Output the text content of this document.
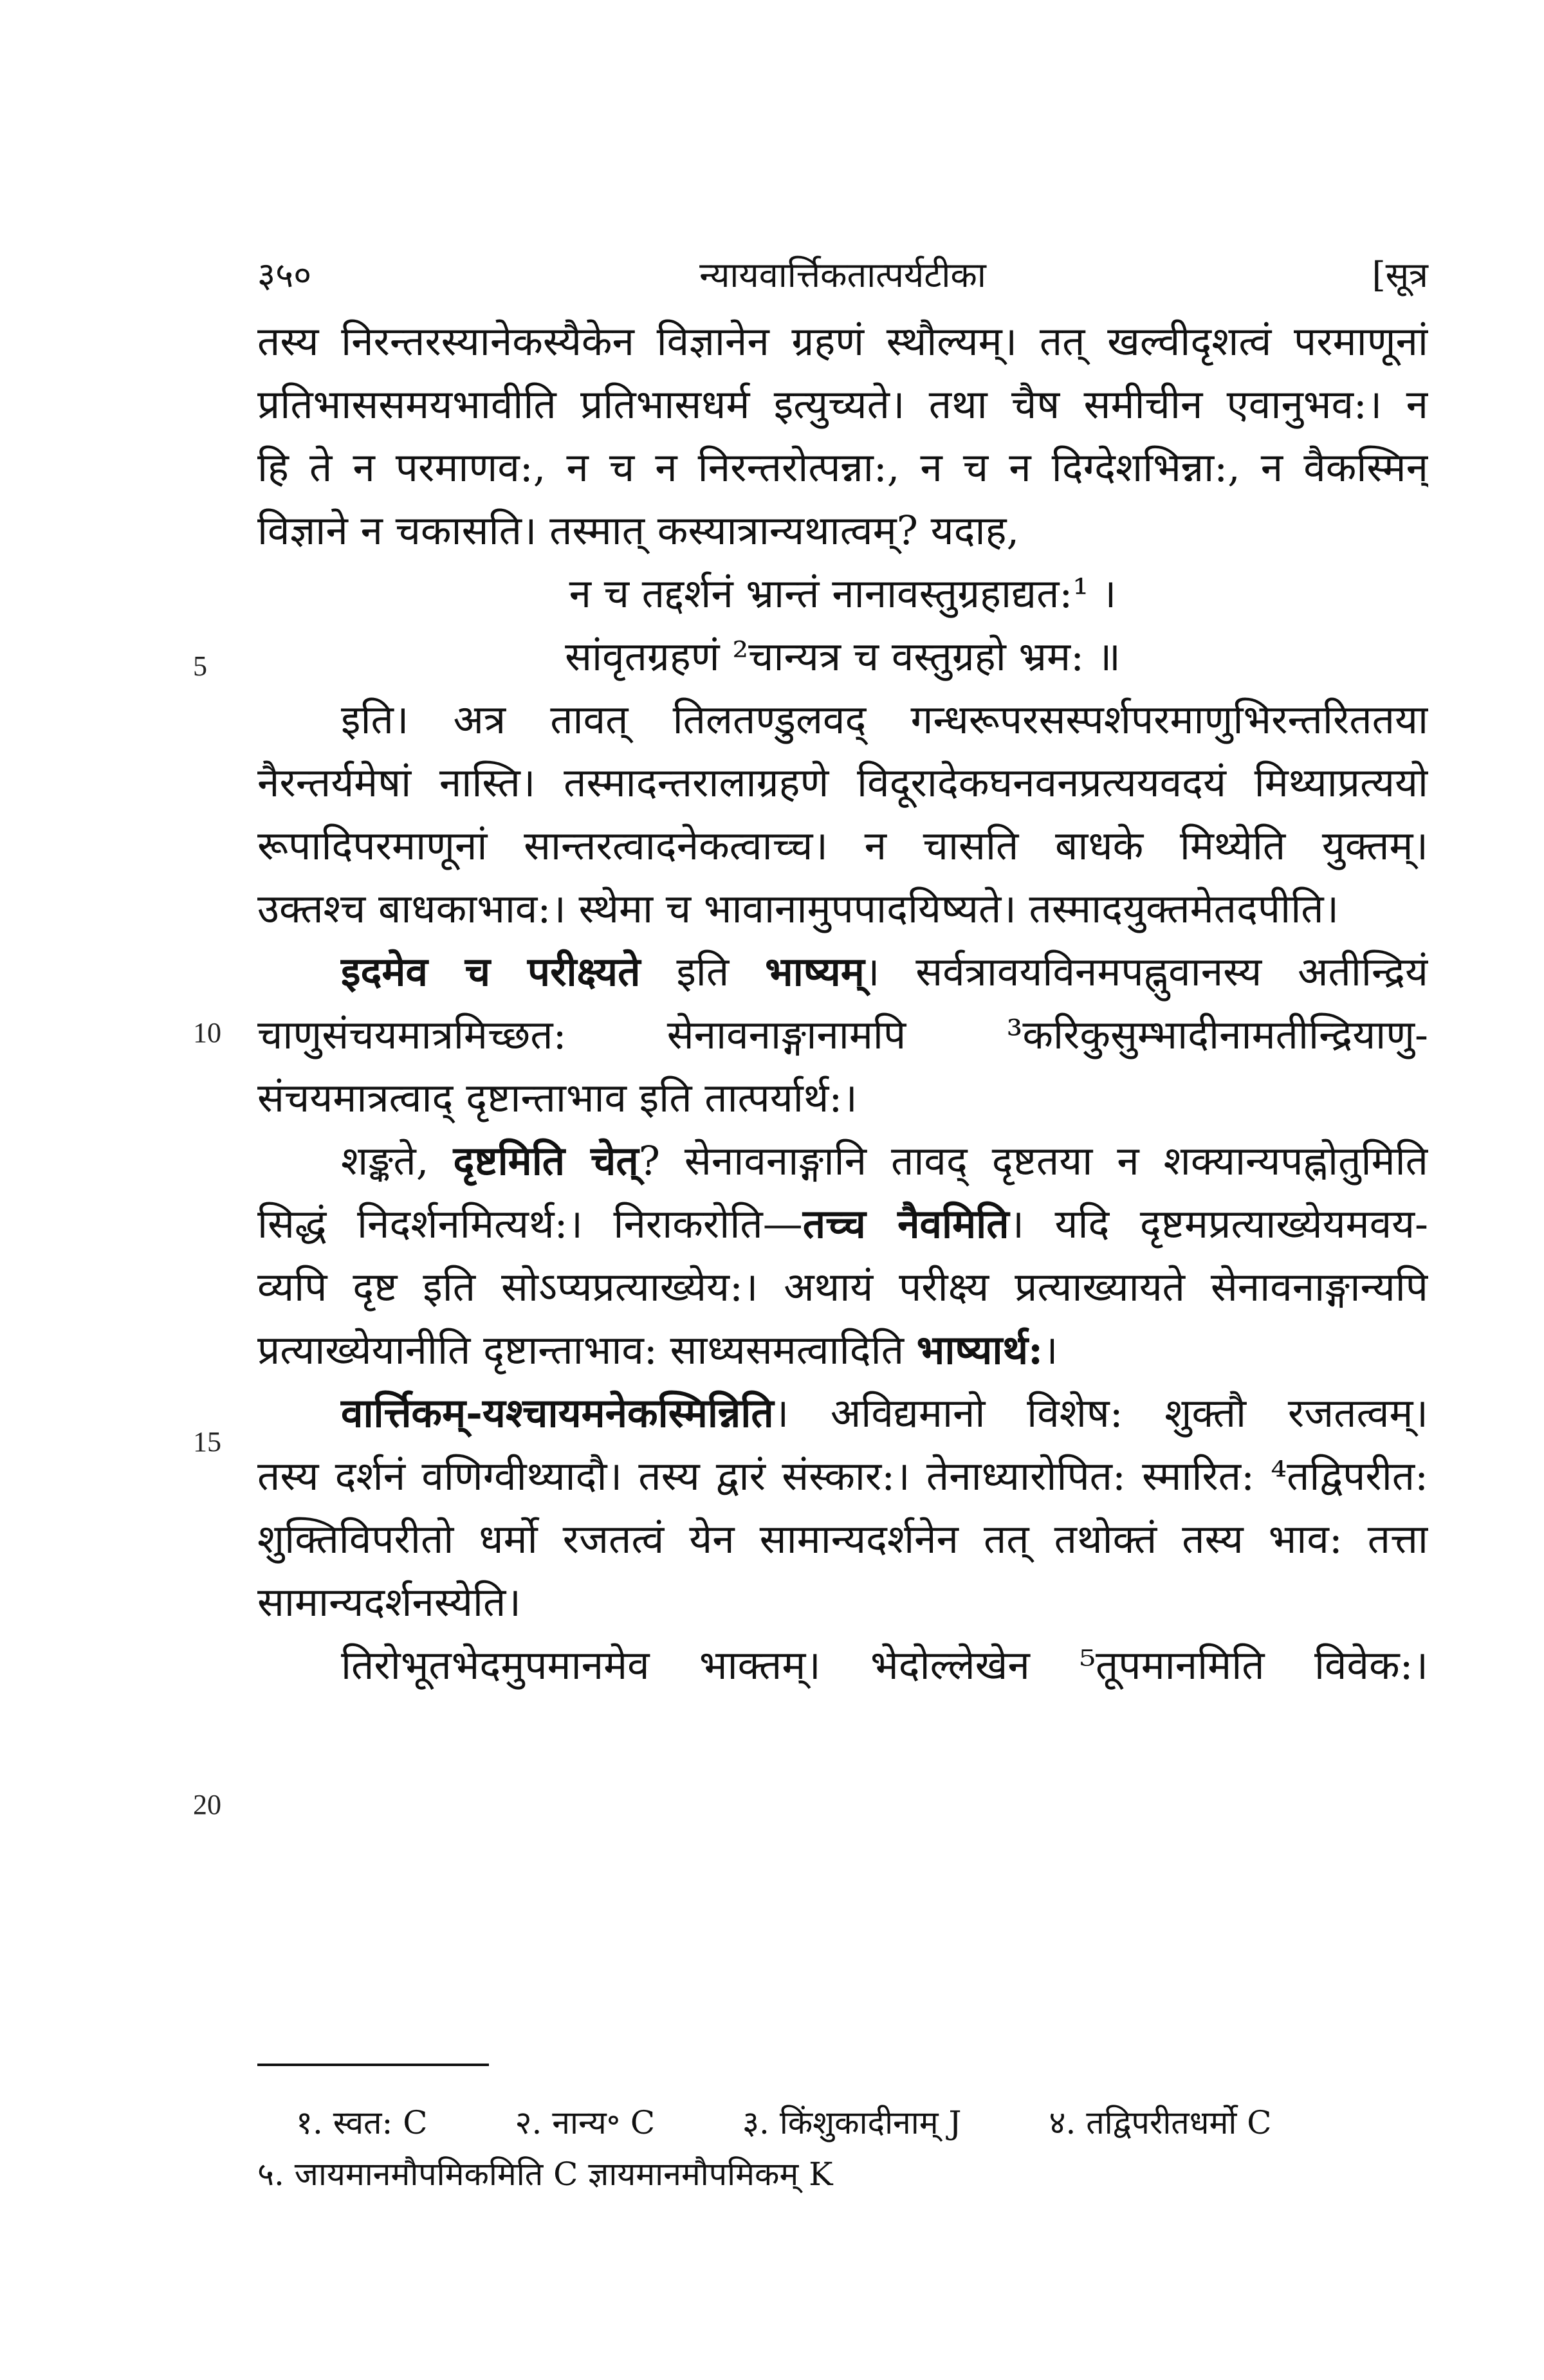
३५०	न्यायवार्त्तिकतात्पर्यटीका	[सूत्र
5
10
15
20
तस्य निरन्तरस्यानेकस्यैकेन विज्ञानेन ग्रहणं स्थौल्यम्। तत् खल्वीदृशत्वं परमाणूनां
प्रतिभाससमयभावीति प्रतिभासधर्म इत्युच्यते। तथा चैष समीचीन एवानुभव:। न
हि ते न परमाणव:, न च न निरन्तरोत्पन्ना:, न च न दिग्देशभिन्ना:, न वैकस्मिन्
विज्ञाने न चकासति। तस्मात् कस्यात्रान्यथात्वम्? यदाह,
न च तद्दर्शनं भ्रान्तं नानावस्तुग्रहाद्यत:¹ ।
सांवृतग्रहणं ²चान्यत्र च वस्तुग्रहो भ्रम: ॥
इति। अत्र तावत् तिलतण्डुलवद् गन्धरूपरसस्पर्शपरमाणुभिरन्तरिततया
नैरन्तर्यमेषां नास्ति। तस्मादन्तरालाग्रहणे विदूरादेकघनवनप्रत्ययवदयं मिथ्याप्रत्ययो
रूपादिपरमाणूनां सान्तरत्वादनेकत्वाच्च। न चासति बाधके मिथ्येति युक्तम्।
उक्तश्च बाधकाभाव:। स्थेमा च भावानामुपपादयिष्यते। तस्मादयुक्तमेतदपीति।
इदमेव च परीक्ष्यते इति भाष्यम्। सर्वत्रावयविनमपह्नुवानस्य अतीन्द्रियं
चाणुसंचयमात्रमिच्छत: सेनावनाङ्गानामपि ³करिकुसुम्भादीनामतीन्द्रियाणु-
संचयमात्रत्वाद् दृष्टान्ताभाव इति तात्पर्यार्थ:।
शङ्कते, दृष्टमिति चेत्? सेनावनाङ्गानि तावद् दृष्टतया न शक्यान्यपह्नोतुमिति
सिद्धं निदर्शनमित्यर्थ:। निराकरोति—तच्च नैवमिति। यदि दृष्टमप्रत्याख्येयमवय-
व्यपि दृष्ट इति सोऽप्यप्रत्याख्येय:। अथायं परीक्ष्य प्रत्याख्यायते सेनावनाङ्गान्यपि
प्रत्याख्येयानीति दृष्टान्ताभाव: साध्यसमत्वादिति भाष्यार्थ:।
वार्त्तिकम्-यश्चायमनेकस्मिन्निति। अविद्यमानो विशेष: शुक्तौ रजतत्वम्।
तस्य दर्शनं वणिग्वीथ्यादौ। तस्य द्वारं संस्कार:। तेनाध्यारोपित: स्मारित: ⁴तद्विपरीत:
शुक्तिविपरीतो धर्मो रजतत्वं येन सामान्यदर्शनेन तत् तथोक्तं तस्य भाव: तत्ता
सामान्यदर्शनस्येति।
तिरोभूतभेदमुपमानमेव भाक्तम्। भेदोल्लेखेन ⁵तूपमानमिति विवेक:।
१. स्वत: C	२. नान्य॰ C	३. किंशुकादीनाम् J	४. तद्विपरीतधर्मो C
५. जायमानमौपमिकमिति C ज्ञायमानमौपमिकम् K
